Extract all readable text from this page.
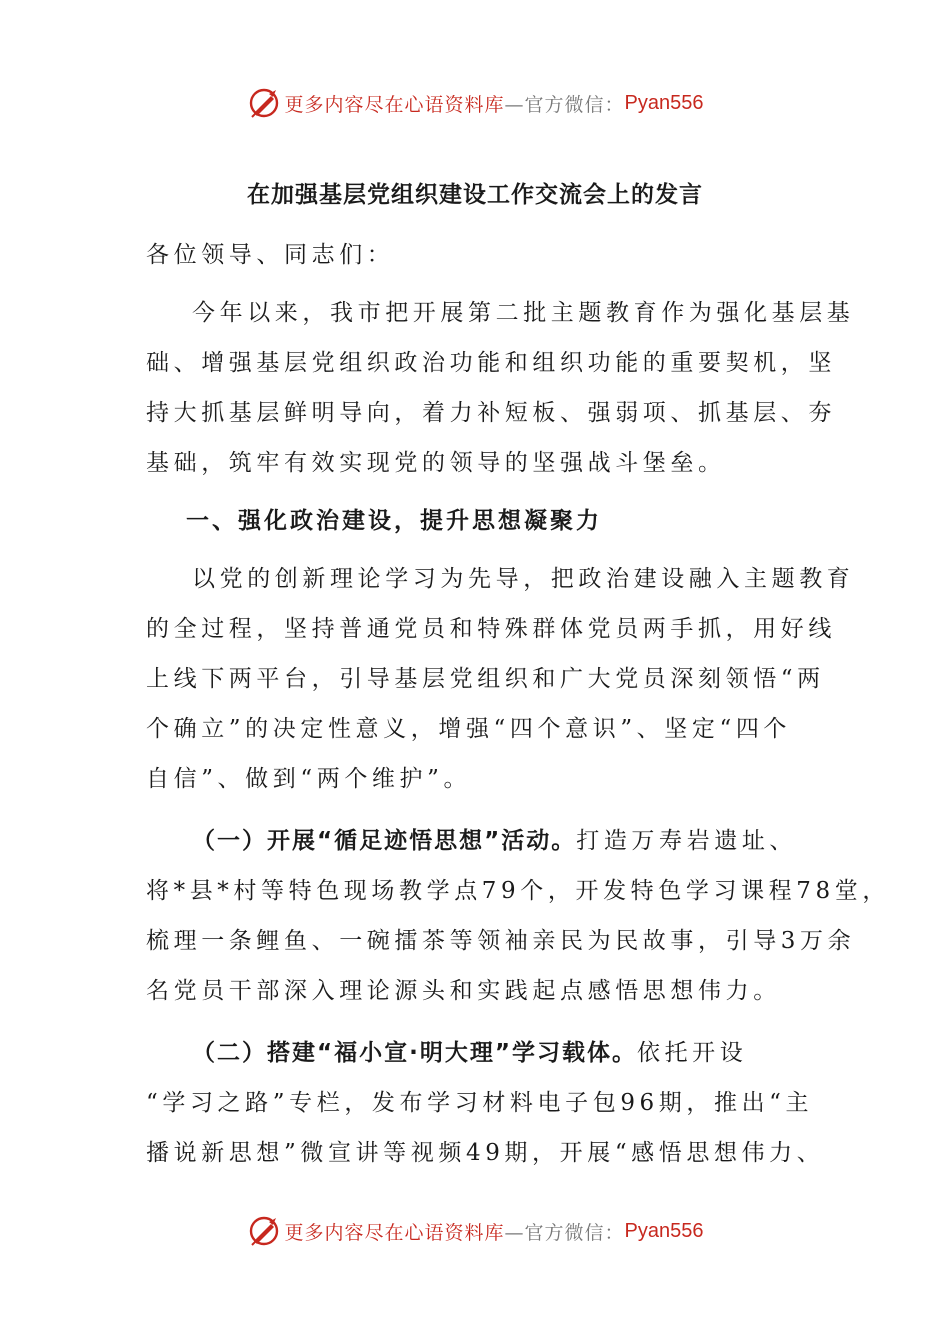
更多内容尽在心语资料库 —官方微信： Pyan556
在加强基层党组织建设工作交流会上的发言

各位领导、同志们：

今年以来，我市把开展第二批主题教育作为强化基层基
础、增强基层党组织政治功能和组织功能的重要契机，坚
持大抓基层鲜明导向，着力补短板、强弱项、抓基层、夯
基础，筑牢有效实现党的领导的坚强战斗堡垒。

一、强化政治建设，提升思想凝聚力

以党的创新理论学习为先导，把政治建设融入主题教育
的全过程，坚持普通党员和特殊群体党员两手抓，用好线
上线下两平台，引导基层党组织和广大党员深刻领悟“两
个确立”的决定性意义，增强“四个意识”、坚定“四个
自信”、做到“两个维护”。

（一）开展“循足迹悟思想”活动。打造万寿岩遗址、
将*县*村等特色现场教学点79个，开发特色学习课程78堂，
梳理一条鲤鱼、一碗擂茶等领袖亲民为民故事，引导3万余
名党员干部深入理论源头和实践起点感悟思想伟力。

（二）搭建“福小宣·明大理”学习载体。依托开设
“学习之路”专栏，发布学习材料电子包96期，推出“主
播说新思想”微宣讲等视频49期，开展“感悟思想伟力、

更多内容尽在心语资料库 —官方微信： Pyan556
